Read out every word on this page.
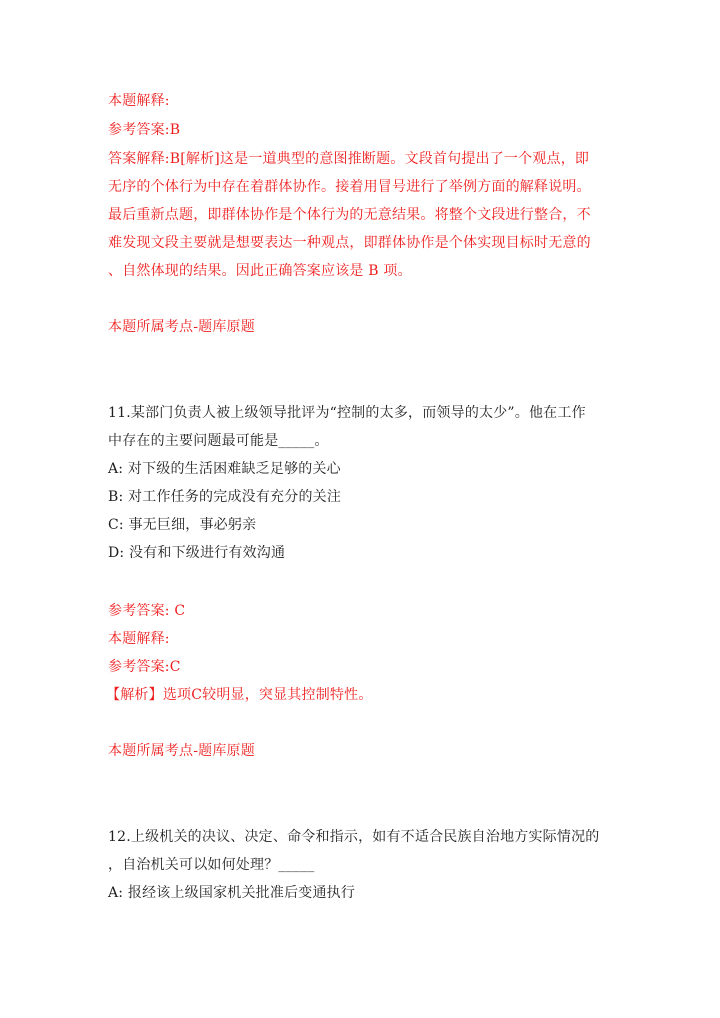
本题解释:
参考答案:B
答案解释:B[解析]这是一道典型的意图推断题。文段首句提出了一个观点，即
无序的个体行为中存在着群体协作。接着用冒号进行了举例方面的解释说明。
最后重新点题，即群体协作是个体行为的无意结果。将整个文段进行整合，不
难发现文段主要就是想要表达一种观点，即群体协作是个体实现目标时无意的
、自然体现的结果。因此正确答案应该是 B 项。
本题所属考点-题库原题
11.某部门负责人被上级领导批评为“控制的太多，而领导的太少”。他在工作
中存在的主要问题最可能是_____。
A: 对下级的生活困难缺乏足够的关心
B: 对工作任务的完成没有充分的关注
C: 事无巨细，事必躬亲
D: 没有和下级进行有效沟通
参考答案: C
本题解释:
参考答案:C
【解析】选项C较明显，突显其控制特性。
本题所属考点-题库原题
12.上级机关的决议、决定、命令和指示，如有不适合民族自治地方实际情况的
，自治机关可以如何处理？_____
A: 报经该上级国家机关批准后变通执行
